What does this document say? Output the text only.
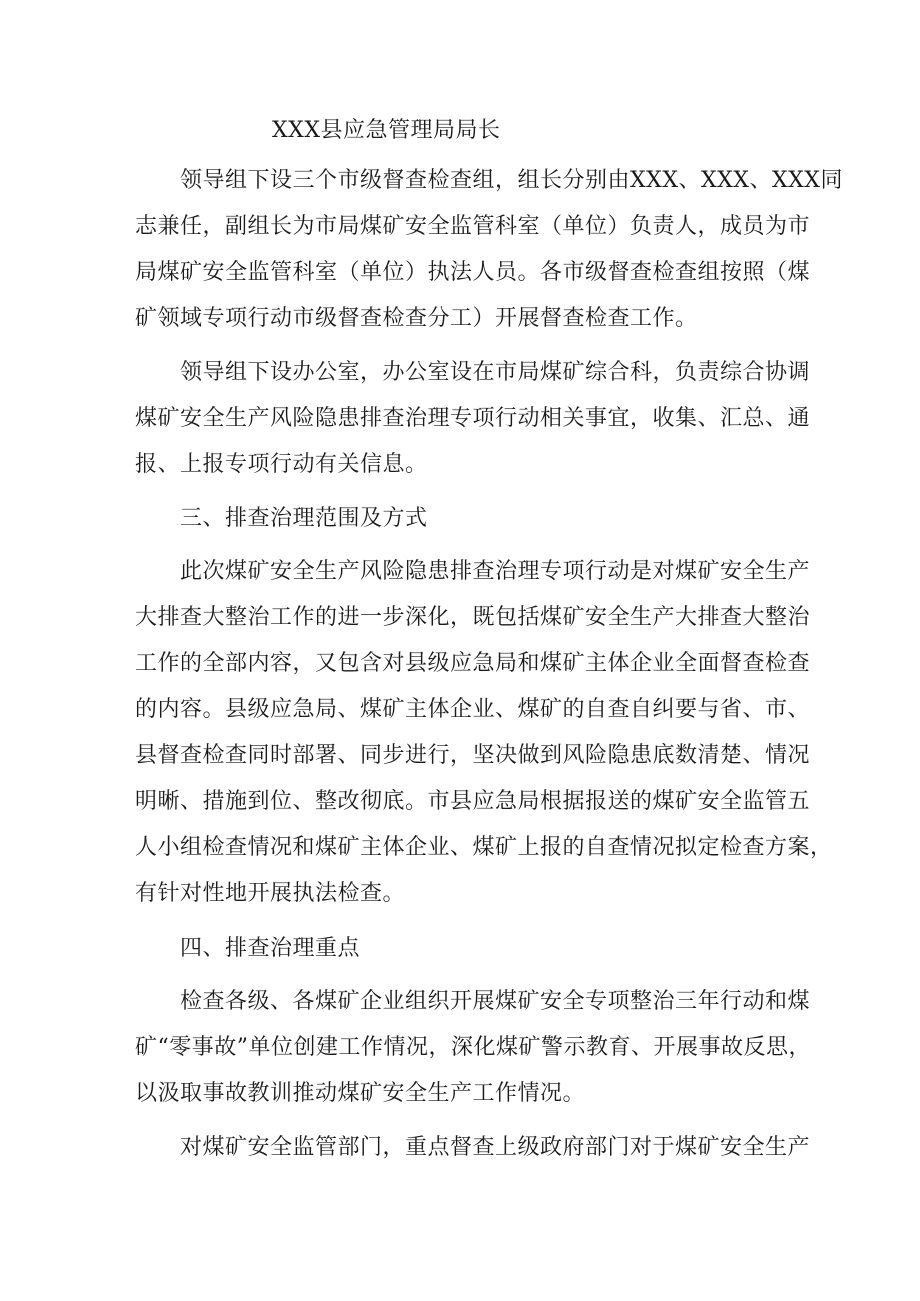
XXX县应急管理局局长
领导组下设三个市级督查检查组，组长分别由XXX、XXX、XXX同
志兼任，副组长为市局煤矿安全监管科室（单位）负责人，成员为市
局煤矿安全监管科室（单位）执法人员。各市级督查检查组按照（煤
矿领域专项行动市级督查检查分工）开展督查检查工作。
领导组下设办公室，办公室设在市局煤矿综合科，负责综合协调
煤矿安全生产风险隐患排查治理专项行动相关事宜，收集、汇总、通
报、上报专项行动有关信息。
三、排查治理范围及方式
此次煤矿安全生产风险隐患排查治理专项行动是对煤矿安全生产
大排查大整治工作的进一步深化，既包括煤矿安全生产大排查大整治
工作的全部内容，又包含对县级应急局和煤矿主体企业全面督查检查
的内容。县级应急局、煤矿主体企业、煤矿的自查自纠要与省、市、
县督查检查同时部署、同步进行，坚决做到风险隐患底数清楚、情况
明晰、措施到位、整改彻底。市县应急局根据报送的煤矿安全监管五
人小组检查情况和煤矿主体企业、煤矿上报的自查情况拟定检查方案，
有针对性地开展执法检查。
四、排查治理重点
检查各级、各煤矿企业组织开展煤矿安全专项整治三年行动和煤
矿“零事故”单位创建工作情况，深化煤矿警示教育、开展事故反思，
以汲取事故教训推动煤矿安全生产工作情况。
对煤矿安全监管部门，重点督查上级政府部门对于煤矿安全生产
